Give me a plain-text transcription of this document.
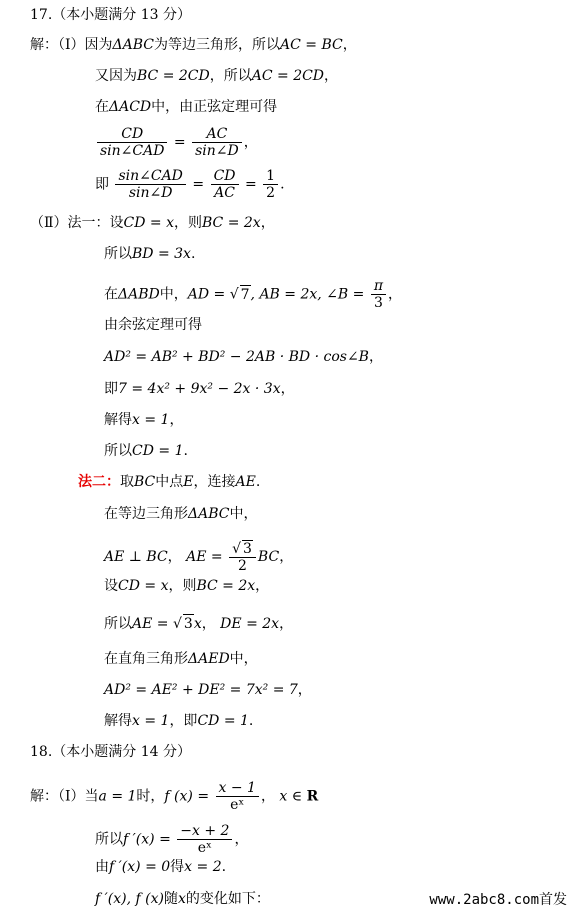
17.（本小题满分 13 分）
解：（Ⅰ）因为ΔABC为等边三角形，所以AC = BC，
又因为BC = 2CD，所以AC = 2CD，
在ΔACD中，由正弦定理可得
$\frac{CD}{\text{sin∠CAD}} = \frac{AC}{\sin\angle D}$ ，
即 $\frac{\text{sin∠CAD}}{\sin\angle D} = \frac{CD}{AC} = \frac{1}{2}$ .
（Ⅱ）法一：设CD = x，则BC = 2x，
所以BD = 3x.
在ΔABD中，AD = √ 7, AB = 2x, ∠B = $\frac{\pi}{3}$ ，
由余弦定理可得
AD² = AB² + BD² − 2AB · BD · cos∠B，
即7 = 4x² + 9x² − 2x · 3x，
解得x = 1，
所以CD = 1.
法二：取BC中点E，连接AE.
在等边三角形ΔABC中，
AE ⊥ BC， AE = $\frac{√ 3}{2}$ BC，
设CD = x，则BC = 2x，
所以AE = √ 3x， DE = 2x，
在直角三角形ΔAED中，
AD² = AE² + DE² = 7x² = 7，
解得x = 1，即CD = 1.
18.（本小题满分 14 分）
解：（Ⅰ）当a = 1时，f $(x) = \frac{x - 1}{\text{eˣ}}$ ， x ∈ R
所以f $'(x) = \frac{-x + 2}{\text{eˣ}}$ ，
由f ′(x) = 0得x = 2.
f ′(x), f (x)随x的变化如下：	www.2abc8.com首发
